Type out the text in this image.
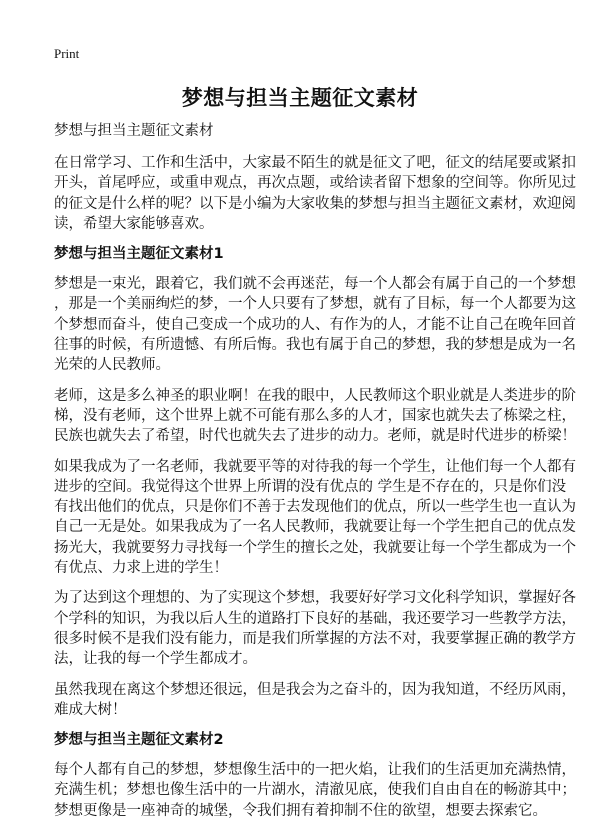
Print
梦想与担当主题征文素材
梦想与担当主题征文素材
在日常学习、工作和生活中，大家最不陌生的就是征文了吧，征文的结尾要或紧扣
开头，首尾呼应，或重申观点，再次点题，或给读者留下想象的空间等。你所见过
的征文是什么样的呢？以下是小编为大家收集的梦想与担当主题征文素材，欢迎阅
读，希望大家能够喜欢。
梦想与担当主题征文素材1
梦想是一束光，跟着它，我们就不会再迷茫，每一个人都会有属于自己的一个梦想
，那是一个美丽绚烂的梦，一个人只要有了梦想，就有了目标，每一个人都要为这
个梦想而奋斗，使自己变成一个成功的人、有作为的人，才能不让自己在晚年回首
往事的时候，有所遗憾、有所后悔。我也有属于自己的梦想，我的梦想是成为一名
光荣的人民教师。
老师，这是多么神圣的职业啊！在我的眼中，人民教师这个职业就是人类进步的阶
梯，没有老师，这个世界上就不可能有那么多的人才，国家也就失去了栋梁之柱，
民族也就失去了希望，时代也就失去了进步的动力。老师，就是时代进步的桥梁！
如果我成为了一名老师，我就要平等的对待我的每一个学生，让他们每一个人都有
进步的空间。我觉得这个世界上所谓的没有优点的 学生是不存在的，只是你们没
有找出他们的优点，只是你们不善于去发现他们的优点，所以一些学生也一直认为
自己一无是处。如果我成为了一名人民教师，我就要让每一个学生把自己的优点发
扬光大，我就要努力寻找每一个学生的擅长之处，我就要让每一个学生都成为一个
有优点、力求上进的学生！
为了达到这个理想的、为了实现这个梦想，我要好好学习文化科学知识，掌握好各
个学科的知识，为我以后人生的道路打下良好的基础，我还要学习一些教学方法，
很多时候不是我们没有能力，而是我们所掌握的方法不对，我要掌握正确的教学方
法，让我的每一个学生都成才。
虽然我现在离这个梦想还很远，但是我会为之奋斗的，因为我知道，不经历风雨，
难成大树！
梦想与担当主题征文素材2
每个人都有自己的梦想，梦想像生活中的一把火焰，让我们的生活更加充满热情，
充满生机；梦想也像生活中的一片湖水，清澈见底，使我们自由自在的畅游其中；
梦想更像是一座神奇的城堡，令我们拥有着抑制不住的欲望，想要去探索它。
